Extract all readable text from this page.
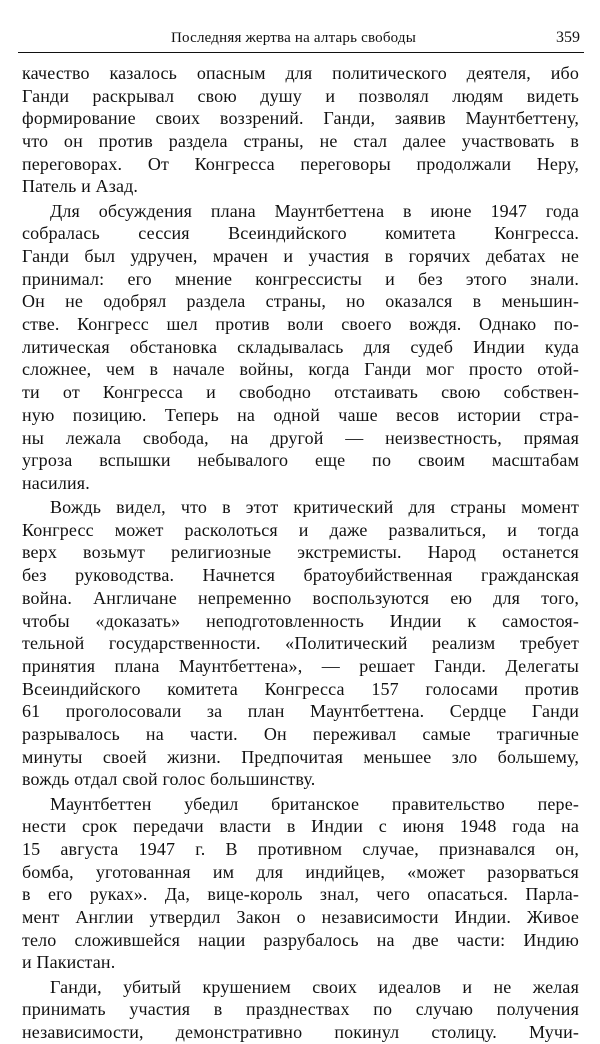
Последняя жертва на алтарь свободы	359

качество казалось опасным для политического деятеля, ибо
Ганди раскрывал свою душу и позволял людям видеть
формирование своих воззрений. Ганди, заявив Маунтбеттену,
что он против раздела страны, не стал далее участвовать в
переговорах. От Конгресса переговоры продолжали Неру,
Патель и Азад.

Для обсуждения плана Маунтбеттена в июне 1947 года
собралась сессия Всеиндийского комитета Конгресса.
Ганди был удручен, мрачен и участия в горячих дебатах не
принимал: его мнение конгрессисты и без этого знали.
Он не одобрял раздела страны, но оказался в меньшин-
стве. Конгресс шел против воли своего вождя. Однако по-
литическая обстановка складывалась для судеб Индии куда
сложнее, чем в начале войны, когда Ганди мог просто отой-
ти от Конгресса и свободно отстаивать свою собствен-
ную позицию. Теперь на одной чаше весов истории стра-
ны лежала свобода, на другой — неизвестность, прямая
угроза вспышки небывалого еще по своим масштабам
насилия.

Вождь видел, что в этот критический для страны момент
Конгресс может расколоться и даже развалиться, и тогда
верх возьмут религиозные экстремисты. Народ останется
без руководства. Начнется братоубийственная гражданская
война. Англичане непременно воспользуются ею для того,
чтобы «доказать» неподготовленность Индии к самостоя-
тельной государственности. «Политический реализм требует
принятия плана Маунтбеттена», — решает Ганди. Делегаты
Всеиндийского комитета Конгресса 157 голосами против
61 проголосовали за план Маунтбеттена. Сердце Ганди
разрывалось на части. Он переживал самые трагичные
минуты своей жизни. Предпочитая меньшее зло большему,
вождь отдал свой голос большинству.

Маунтбеттен убедил британское правительство пере-
нести срок передачи власти в Индии с июня 1948 года на
15 августа 1947 г. В противном случае, признавался он,
бомба, уготованная им для индийцев, «может разорваться
в его руках». Да, вице-король знал, чего опасаться. Парла-
мент Англии утвердил Закон о независимости Индии. Живое
тело сложившейся нации разрубалось на две части: Индию
и Пакистан.

Ганди, убитый крушением своих идеалов и не желая
принимать участия в празднествах по случаю получения
независимости, демонстративно покинул столицу. Мучи-
